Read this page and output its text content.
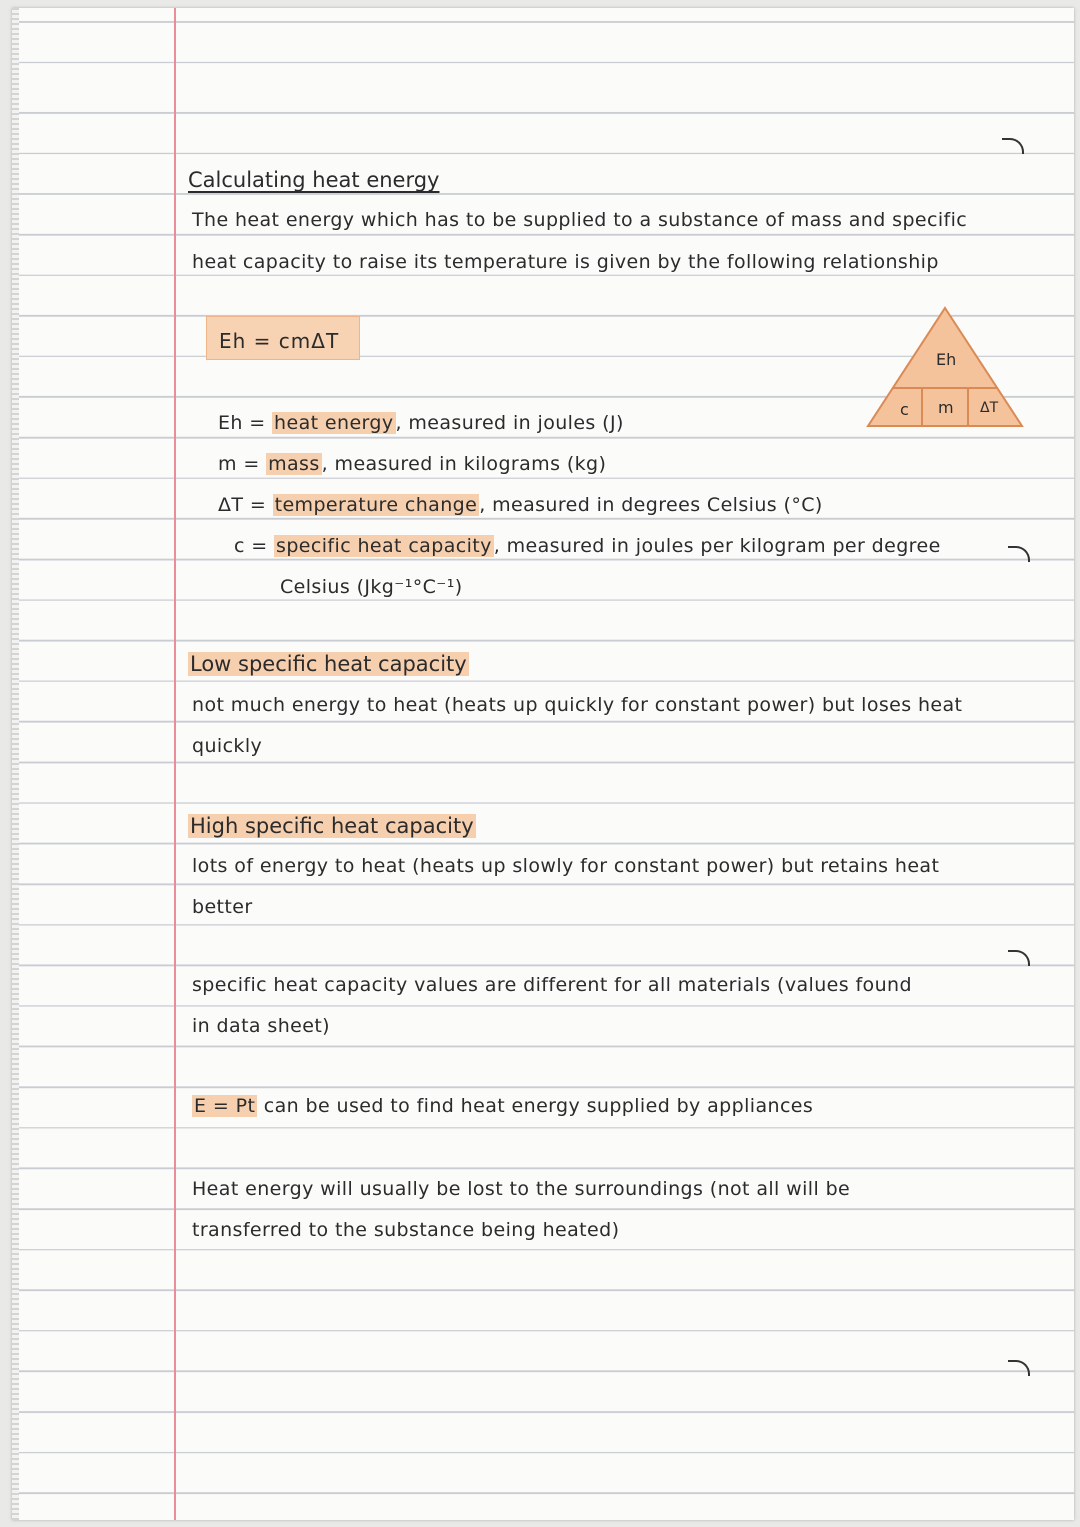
Calculating heat energy
The heat energy which has to be supplied to a substance of mass and specific
heat capacity to raise its temperature is given by the following relationship
Eh = cmΔT
Eh
c m ΔT
Eh = heat energy , measured in joules (J)
m = mass , measured in kilograms (kg)
ΔT = temperature change , measured in degrees Celsius (°C)
c = specific heat capacity , measured in joules per kilogram per degree
Celsius (Jkg⁻¹°C⁻¹)
Low specific heat capacity
not much energy to heat (heats up quickly for constant power) but loses heat
quickly
High specific heat capacity
lots of energy to heat (heats up slowly for constant power) but retains heat
better
specific heat capacity values are different for all materials (values found
in data sheet)
E = Pt can be used to find heat energy supplied by appliances
Heat energy will usually be lost to the surroundings (not all will be
transferred to the substance being heated)
